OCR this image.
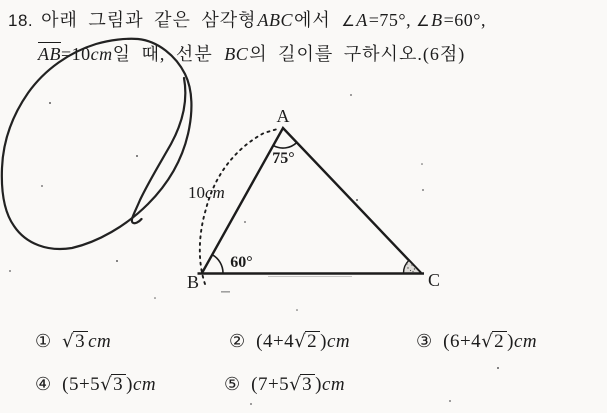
18. 아래 그림과 같은 삼각형ABC에서 ∠A=75°, ∠B=60°,
AB=10cm일 때, 선분 BC의 길이를 구하시오.(6점)
① √3 cm	② (4+4√2 )cm	③ (6+4√2 )cm
④ (5+5√3 )cm	⑤ (7+5√3 )cm
A
B	C
75°
60°
10cm
